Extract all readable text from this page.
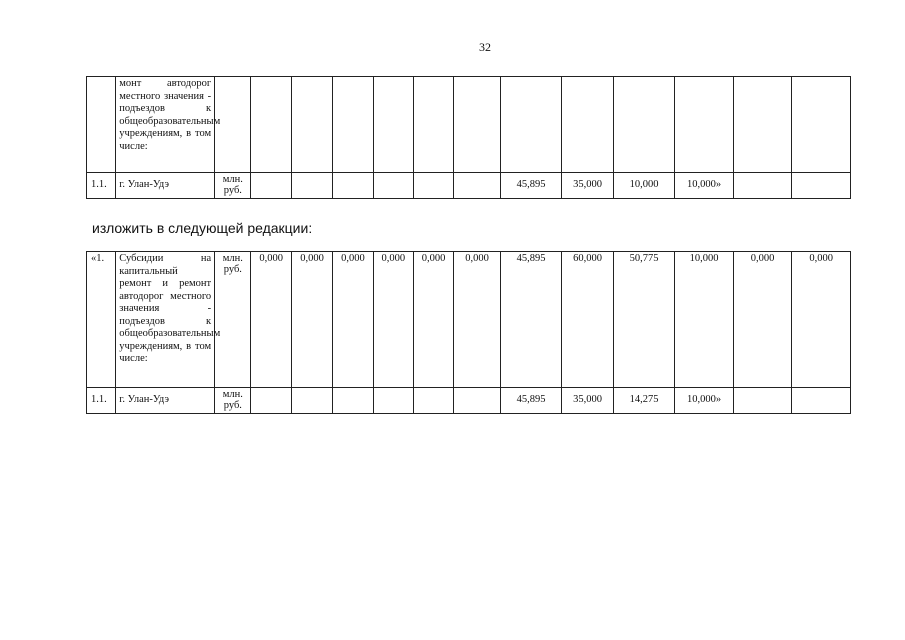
32
	монт автодорог местного значения - подъездов к общеобразовательным учреждениям, в том числе:													
1.1.	г. Улан-Удэ	млн. руб.							45,895	35,000	10,000	10,000»		
изложить в следующей редакции:
«1.	Субсидии на капитальный ремонт и ремонт автодорог местного значения - подъездов к общеобразовательным учреждениям, в том числе:	млн. руб.	0,000	0,000	0,000	0,000	0,000	0,000	45,895	60,000	50,775	10,000	0,000	0,000
1.1.	г. Улан-Удэ	млн. руб.							45,895	35,000	14,275	10,000»		
